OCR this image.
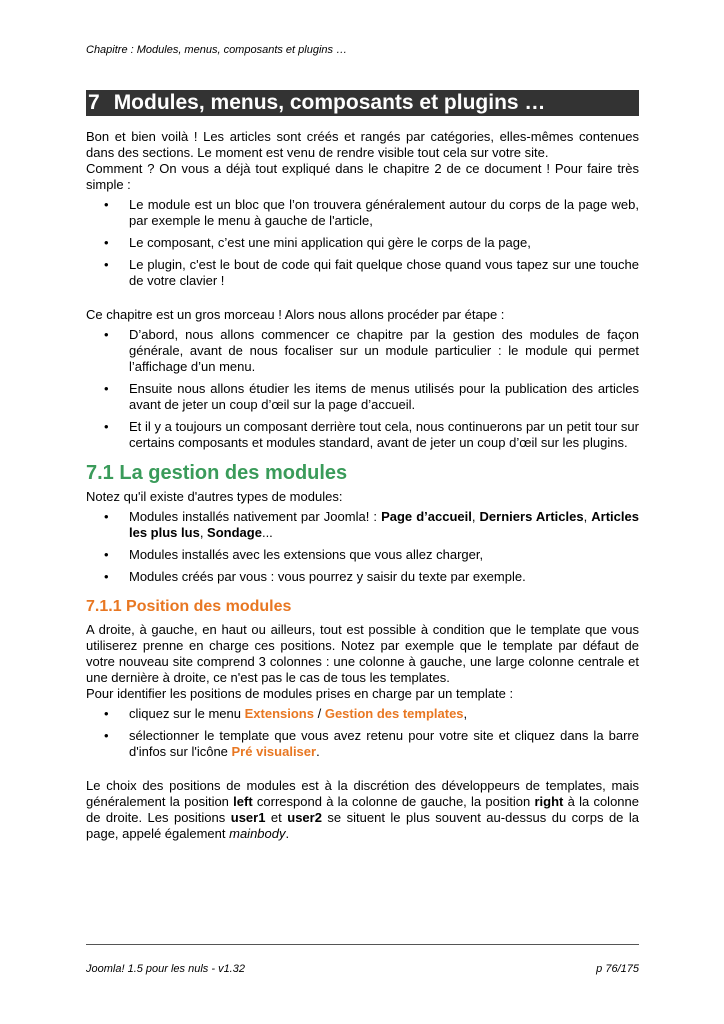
Chapitre : Modules, menus, composants et plugins …
7 Modules, menus, composants et plugins …

Bon et bien voilà ! Les articles sont créés et rangés par catégories, elles-mêmes contenues dans des sections. Le moment est venu de rendre visible tout cela sur votre site.

Comment ? On vous a déjà tout expliqué dans le chapitre 2 de ce document ! Pour faire très simple :

• Le module est un bloc que l’on trouvera généralement autour du corps de la page web, par exemple le menu à gauche de l'article,
• Le composant, c’est une mini application qui gère le corps de la page,
• Le plugin, c'est le bout de code qui fait quelque chose quand vous tapez sur une touche de votre clavier !

Ce chapitre est un gros morceau ! Alors nous allons procéder par étape :

• D’abord, nous allons commencer ce chapitre par la gestion des modules de façon générale, avant de nous focaliser sur un module particulier : le module qui permet l’affichage d’un menu.
• Ensuite nous allons étudier les items de menus utilisés pour la publication des articles avant de jeter un coup d’œil sur la page d’accueil.
• Et il y a toujours un composant derrière tout cela, nous continuerons par un petit tour sur certains composants et modules standard, avant de jeter un coup d’œil sur les plugins.
7.1 La gestion des modules

Notez qu'il existe d'autres types de modules:

• Modules installés nativement par Joomla! : Page d’accueil, Derniers Articles, Articles les plus lus, Sondage...
• Modules installés avec les extensions que vous allez charger,
• Modules créés par vous : vous pourrez y saisir du texte par exemple.
7.1.1 Position des modules

A droite, à gauche, en haut ou ailleurs, tout est possible à condition que le template que vous utiliserez prenne en charge ces positions. Notez par exemple que le template par défaut de votre nouveau site comprend 3 colonnes : une colonne à gauche, une large colonne centrale et une dernière à droite, ce n'est pas le cas de tous les templates.

Pour identifier les positions de modules prises en charge par un template :

• cliquez sur le menu Extensions / Gestion des templates,
• sélectionner le template que vous avez retenu pour votre site et cliquez dans la barre d'infos sur l'icône Pré visualiser.

Le choix des positions de modules est à la discrétion des développeurs de templates, mais généralement la position left correspond à la colonne de gauche, la position right à la colonne de droite. Les positions user1 et user2 se situent le plus souvent au-dessus du corps de la page, appelé également mainbody.

Joomla! 1.5 pour les nuls - v1.32	p 76/175
